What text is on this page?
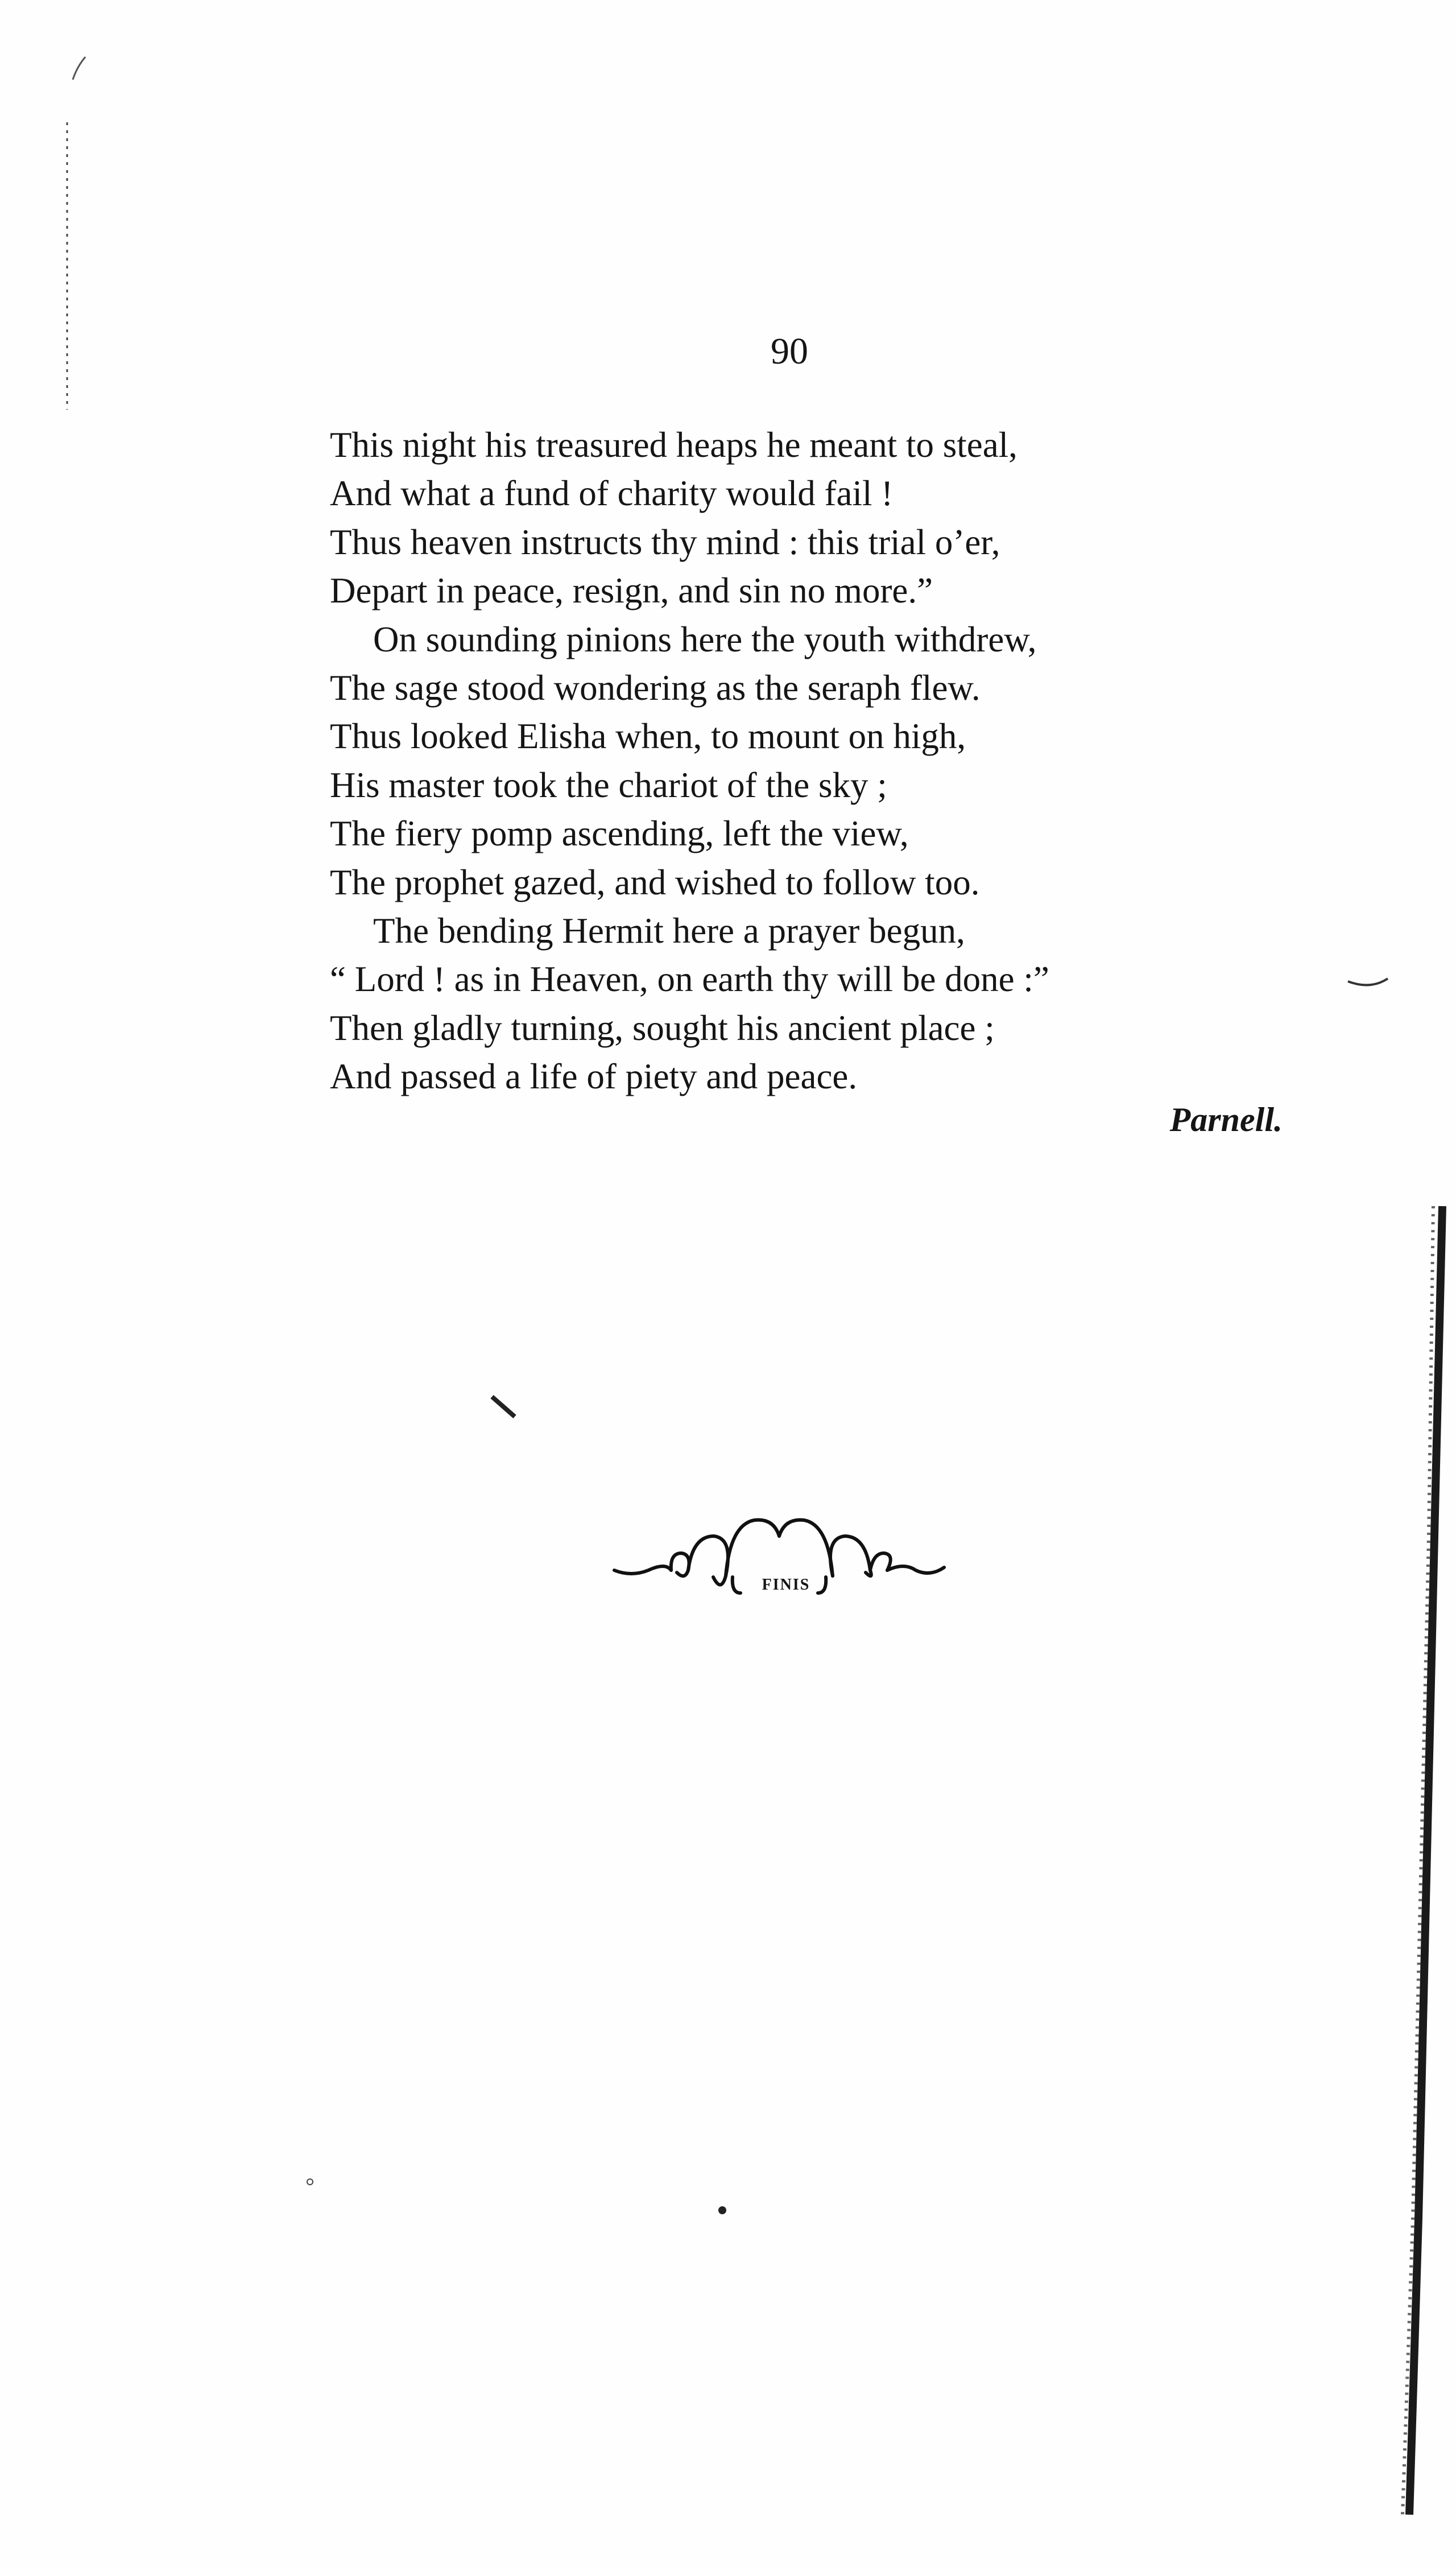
90
This night his treasured heaps he meant to steal,
And what a fund of charity would fail !
Thus heaven instructs thy mind : this trial o’er,
Depart in peace, resign, and sin no more.”
On sounding pinions here the youth withdrew,
The sage stood wondering as the seraph flew.
Thus looked Elisha when, to mount on high,
His master took the chariot of the sky ;
The fiery pomp ascending, left the view,
The prophet gazed, and wished to follow too.
The bending Hermit here a prayer begun,
“ Lord ! as in Heaven, on earth thy will be done :”
Then gladly turning, sought his ancient place ;
And passed a life of piety and peace.
Parnell.
FINIS
